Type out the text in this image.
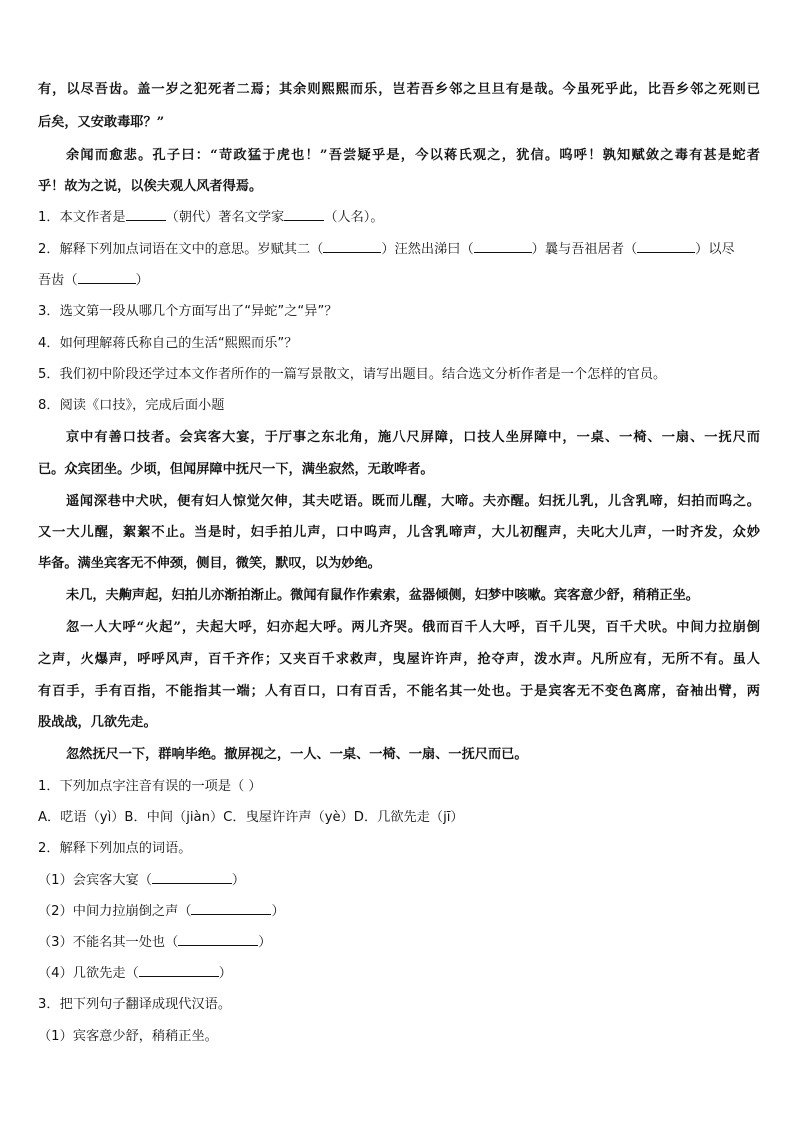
有，以尽吾齿。盖一岁之犯死者二焉；其余则熙熙而乐，岂若吾乡邻之旦旦有是哉。今虽死乎此，比吾乡邻之死则已
后矣，又安敢毒耶？”
余闻而愈悲。孔子曰：“苛政猛于虎也！”吾尝疑乎是，今以蒋氏观之，犹信。呜呼！孰知赋敛之毒有甚是蛇者
乎！故为之说，以俟夫观人风者得焉。
1．本文作者是	（朝代）著名文学家	（人名）。
2．解释下列加点词语在文中的意思。岁赋其二（	）汪然出涕曰（	）曩与吾祖居者（	）以尽
吾齿（	）
3．选文第一段从哪几个方面写出了“异蛇”之“异”？
4．如何理解蒋氏称自己的生活“熙熙而乐”？
5．我们初中阶段还学过本文作者所作的一篇写景散文，请写出题目。结合选文分析作者是一个怎样的官员。
8．阅读《口技》，完成后面小题
京中有善口技者。会宾客大宴，于厅事之东北角，施八尺屏障，口技人坐屏障中，一桌、一椅、一扇、一抚尺而
已。众宾团坐。少顷，但闻屏障中抚尺一下，满坐寂然，无敢哗者。
遥闻深巷中犬吠，便有妇人惊觉欠伸，其夫呓语。既而儿醒，大啼。夫亦醒。妇抚儿乳，儿含乳啼，妇拍而呜之。
又一大儿醒，絮絮不止。当是时，妇手拍儿声，口中呜声，儿含乳啼声，大儿初醒声，夫叱大儿声，一时齐发，众妙
毕备。满坐宾客无不伸颈，侧目，微笑，默叹，以为妙绝。
未几，夫齁声起，妇拍儿亦渐拍渐止。微闻有鼠作作索索，盆器倾侧，妇梦中咳嗽。宾客意少舒，稍稍正坐。
忽一人大呼“火起”，夫起大呼，妇亦起大呼。两儿齐哭。俄而百千人大呼，百千儿哭，百千犬吠。中间力拉崩倒
之声，火爆声，呼呼风声，百千齐作；又夹百千求救声，曳屋许许声，抢夺声，泼水声。凡所应有，无所不有。虽人
有百手，手有百指，不能指其一端；人有百口，口有百舌，不能名其一处也。于是宾客无不变色离席，奋袖出臂，两
股战战，几欲先走。
忽然抚尺一下，群响毕绝。撤屏视之，一人、一桌、一椅、一扇、一抚尺而已。
1．下列加点字注音有误的一项是（ ）
A．呓语（yì）B．中间（jiàn）C．曳屋许许声（yè）D．几欲先走（jī）
2．解释下列加点的词语。
（1）会宾客大宴（	）
（2）中间力拉崩倒之声（	）
（3）不能名其一处也（	）
（4）几欲先走（	）
3．把下列句子翻译成现代汉语。
（1）宾客意少舒，稍稍正坐。
